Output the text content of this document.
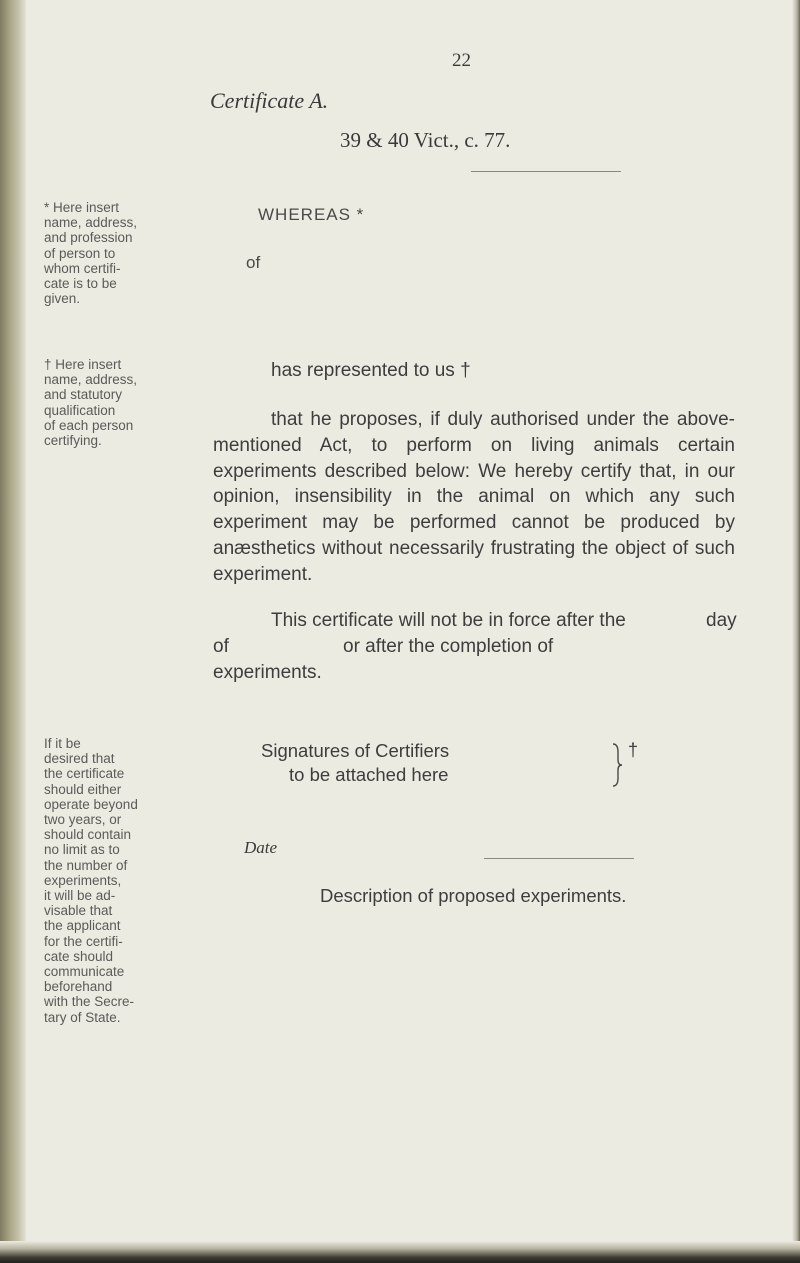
22
Certificate A.
39 & 40 Vict., c. 77.
* Here insert
name, address,
and profession
of person to
whom certifi-
cate is to be
given.
WHEREAS *
of
† Here insert
name, address,
and statutory
qualification
of each person
certifying.
has represented to us †
that he proposes, if duly authorised under the above-mentioned Act, to perform on living animals certain experiments described below: We hereby certify that, in our opinion, insensibility in the animal on which any such experiment may be performed cannot be produced by anæsthetics without necessarily frustrating the object of such experiment.
This certificate will not be in force after the	day
of	or after the completion of
experiments.
If it be
desired that
the certificate
should either
operate beyond
two years, or
should contain
no limit as to
the number of
experiments,
it will be ad-
visable that
the applicant
for the certifi-
cate should
communicate
beforehand
with the Secre-
tary of State.
Signatures of Certifiers
to be attached here
†
Date
Description of proposed experiments.
